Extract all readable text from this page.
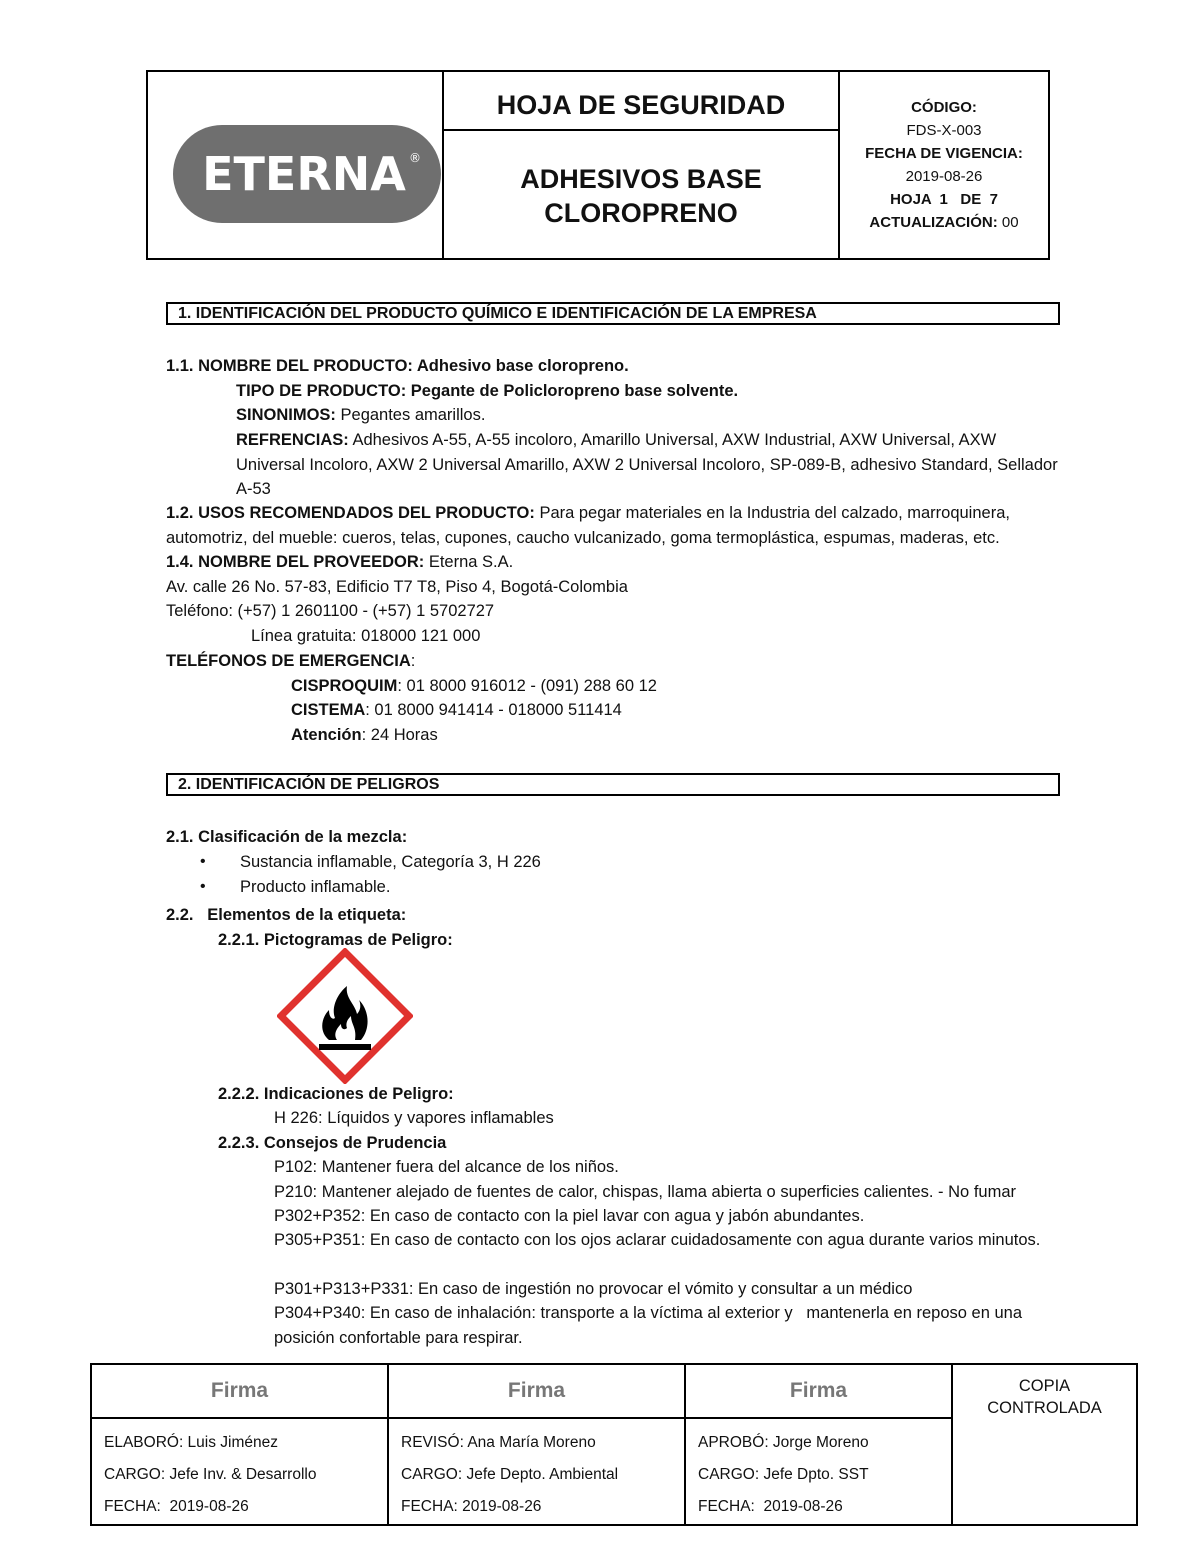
ETERNA ®
HOJA DE SEGURIDAD
ADHESIVOS BASE
CLOROPRENO
CÓDIGO:
FDS-X-003
FECHA DE VIGENCIA:
2019-08-26
HOJA  1   DE  7
ACTUALIZACIÓN: 00
1. IDENTIFICACIÓN DEL PRODUCTO QUÍMICO E IDENTIFICACIÓN DE LA EMPRESA
1.1. NOMBRE DEL PRODUCTO: Adhesivo base cloropreno.
TIPO DE PRODUCTO: Pegante de Policloropreno base solvente.
SINONIMOS: Pegantes amarillos.
REFRENCIAS: Adhesivos A-55, A-55 incoloro, Amarillo Universal, AXW Industrial, AXW Universal, AXW Universal Incoloro, AXW 2 Universal Amarillo, AXW 2 Universal Incoloro, SP-089-B, adhesivo Standard, Sellador A-53
1.2. USOS RECOMENDADOS DEL PRODUCTO: Para pegar materiales en la Industria del calzado, marroquinera, automotriz, del mueble: cueros, telas, cupones, caucho vulcanizado, goma termoplástica, espumas, maderas, etc.
1.4. NOMBRE DEL PROVEEDOR: Eterna S.A.
Av. calle 26 No. 57-83, Edificio T7 T8, Piso 4, Bogotá-Colombia
Teléfono: (+57) 1 2601100 - (+57) 1 5702727
Línea gratuita: 018000 121 000
TELÉFONOS DE EMERGENCIA:
CISPROQUIM: 01 8000 916012 - (091) 288 60 12
CISTEMA: 01 8000 941414 - 018000 511414
Atención: 24 Horas
2. IDENTIFICACIÓN DE PELIGROS
2.1. Clasificación de la mezcla:
• Sustancia inflamable, Categoría 3, H 226
• Producto inflamable.
2.2.   Elementos de la etiqueta:
2.2.1. Pictogramas de Peligro:
2.2.2. Indicaciones de Peligro:
H 226: Líquidos y vapores inflamables
2.2.3. Consejos de Prudencia
P102: Mantener fuera del alcance de los niños.
P210: Mantener alejado de fuentes de calor, chispas, llama abierta o superficies calientes. - No fumar
P302+P352: En caso de contacto con la piel lavar con agua y jabón abundantes.
P305+P351: En caso de contacto con los ojos aclarar cuidadosamente con agua durante varios minutos.
P301+P313+P331: En caso de ingestión no provocar el vómito y consultar a un médico
P304+P340: En caso de inhalación: transporte a la víctima al exterior y   mantenerla en reposo en una posición confortable para respirar.
Firma
ELABORÓ: Luis Jiménez
CARGO: Jefe Inv. & Desarrollo
FECHA:  2019-08-26
Firma
REVISÓ: Ana María Moreno
CARGO: Jefe Depto. Ambiental
FECHA: 2019-08-26
Firma
APROBÓ: Jorge Moreno
CARGO: Jefe Dpto. SST
FECHA:  2019-08-26
COPIA
CONTROLADA
